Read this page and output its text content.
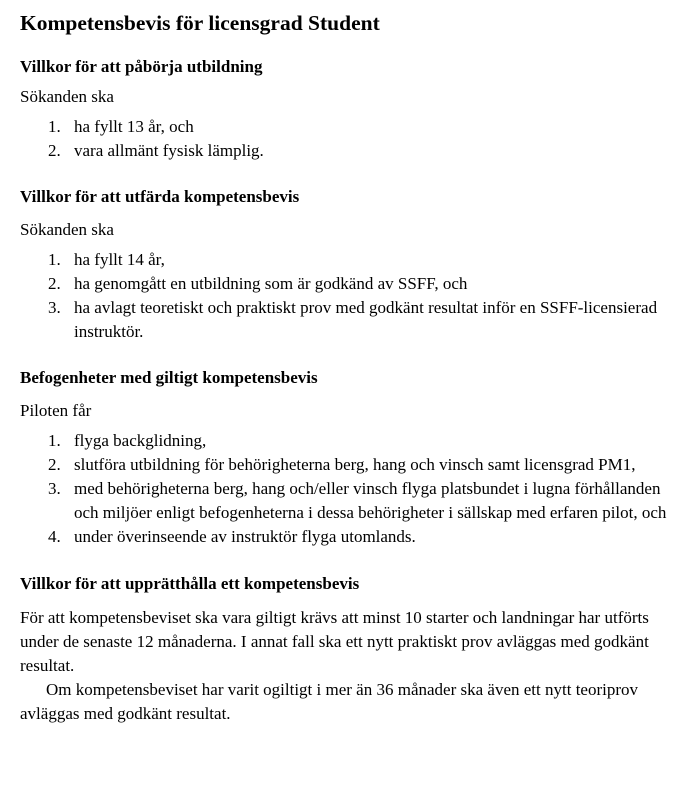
Kompetensbevis för licensgrad Student
Villkor för att påbörja utbildning

Sökanden ska

1. ha fyllt 13 år, och
2. vara allmänt fysisk lämplig.
Villkor för att utfärda kompetensbevis

Sökanden ska

1. ha fyllt 14 år,
2. ha genomgått en utbildning som är godkänd av SSFF, och
3. ha avlagt teoretiskt och praktiskt prov med godkänt resultat inför en SSFF-licensierad instruktör.
Befogenheter med giltigt kompetensbevis

Piloten får

1. flyga backglidning,
2. slutföra utbildning för behörigheterna berg, hang och vinsch samt licensgrad PM1,
3. med behörigheterna berg, hang och/eller vinsch flyga platsbundet i lugna förhållanden och miljöer enligt befogenheterna i dessa behörigheter i sällskap med erfaren pilot, och
4. under överinseende av instruktör flyga utomlands.
Villkor för att upprätthålla ett kompetensbevis

För att kompetensbeviset ska vara giltigt krävs att minst 10 starter och landningar har utförts under de senaste 12 månaderna. I annat fall ska ett nytt praktiskt prov avläggas med godkänt resultat.

Om kompetensbeviset har varit ogiltigt i mer än 36 månader ska även ett nytt teoriprov avläggas med godkänt resultat.
